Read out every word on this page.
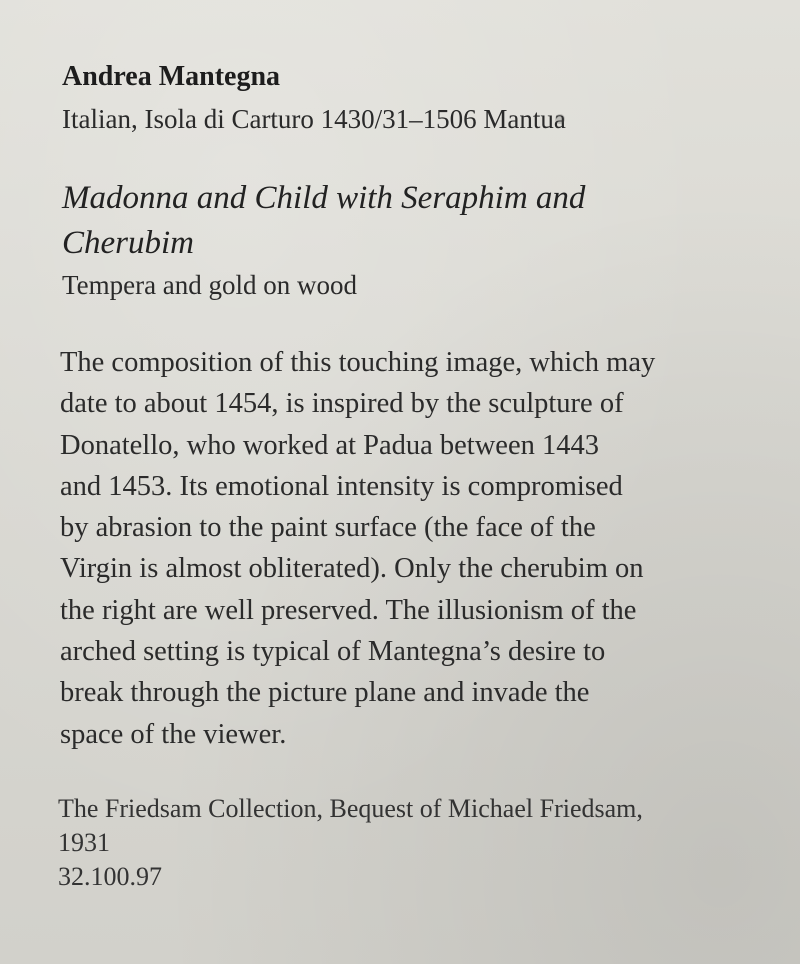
Andrea Mantegna
Italian, Isola di Carturo 1430/31–1506 Mantua
Madonna and Child with Seraphim and
Cherubim
Tempera and gold on wood
The composition of this touching image, which may
date to about 1454, is inspired by the sculpture of
Donatello, who worked at Padua between 1443
and 1453. Its emotional intensity is compromised
by abrasion to the paint surface (the face of the
Virgin is almost obliterated). Only the cherubim on
the right are well preserved. The illusionism of the
arched setting is typical of Mantegna’s desire to
break through the picture plane and invade the
space of the viewer.
The Friedsam Collection, Bequest of Michael Friedsam,
1931
32.100.97
